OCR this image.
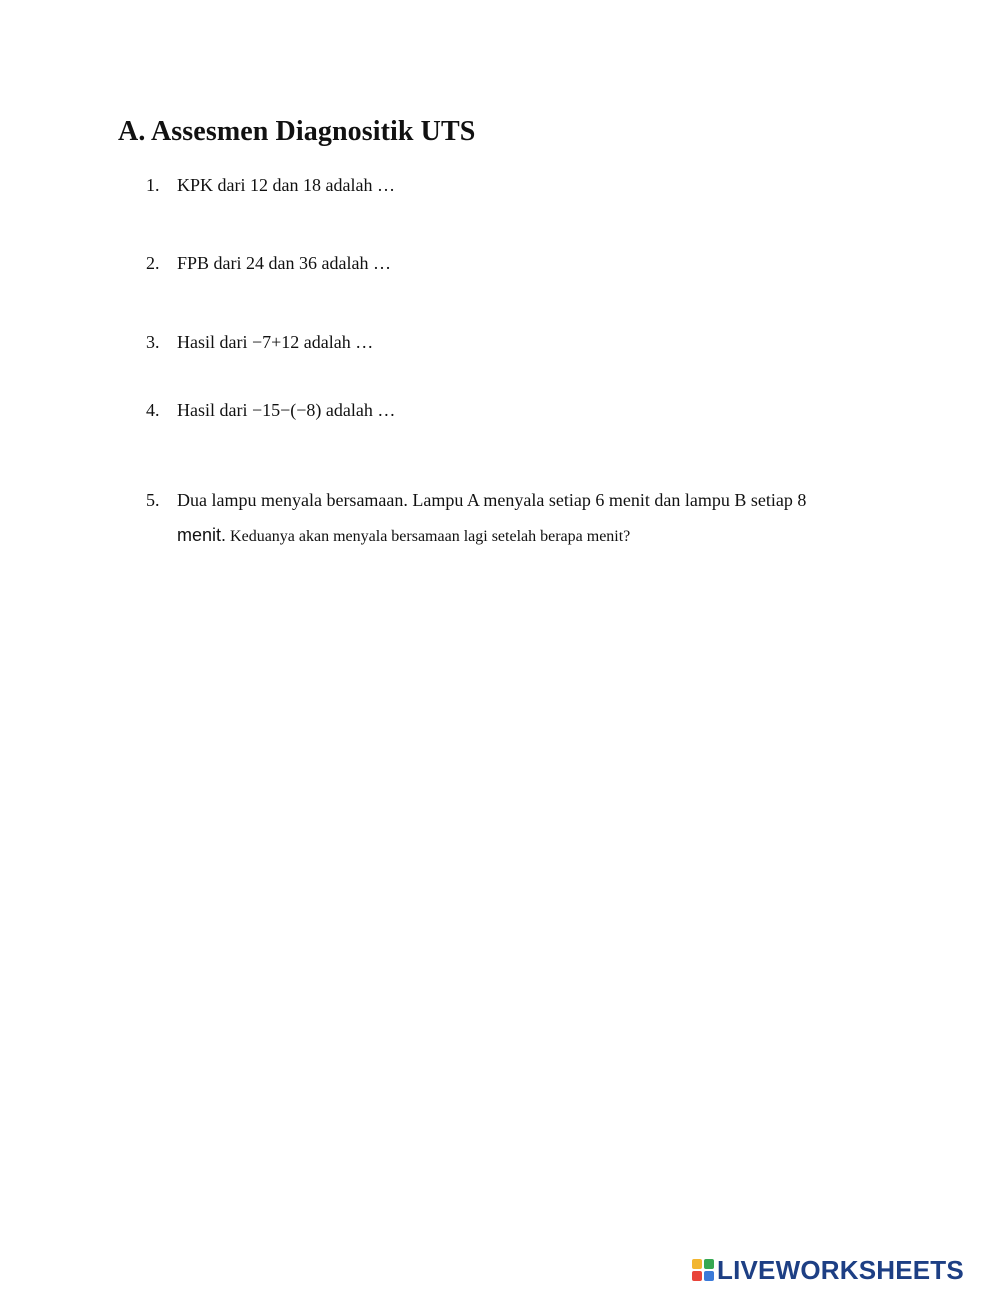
A. Assesmen Diagnositik UTS
1. KPK dari 12 dan 18 adalah …
2. FPB dari 24 dan 36 adalah …
3. Hasil dari −7+12 adalah …
4. Hasil dari −15−(−8) adalah …
5. Dua lampu menyala bersamaan. Lampu A menyala setiap 6 menit dan lampu B setiap 8
menit. Keduanya akan menyala bersamaan lagi setelah berapa menit?
LIVEWORKSHEETS
